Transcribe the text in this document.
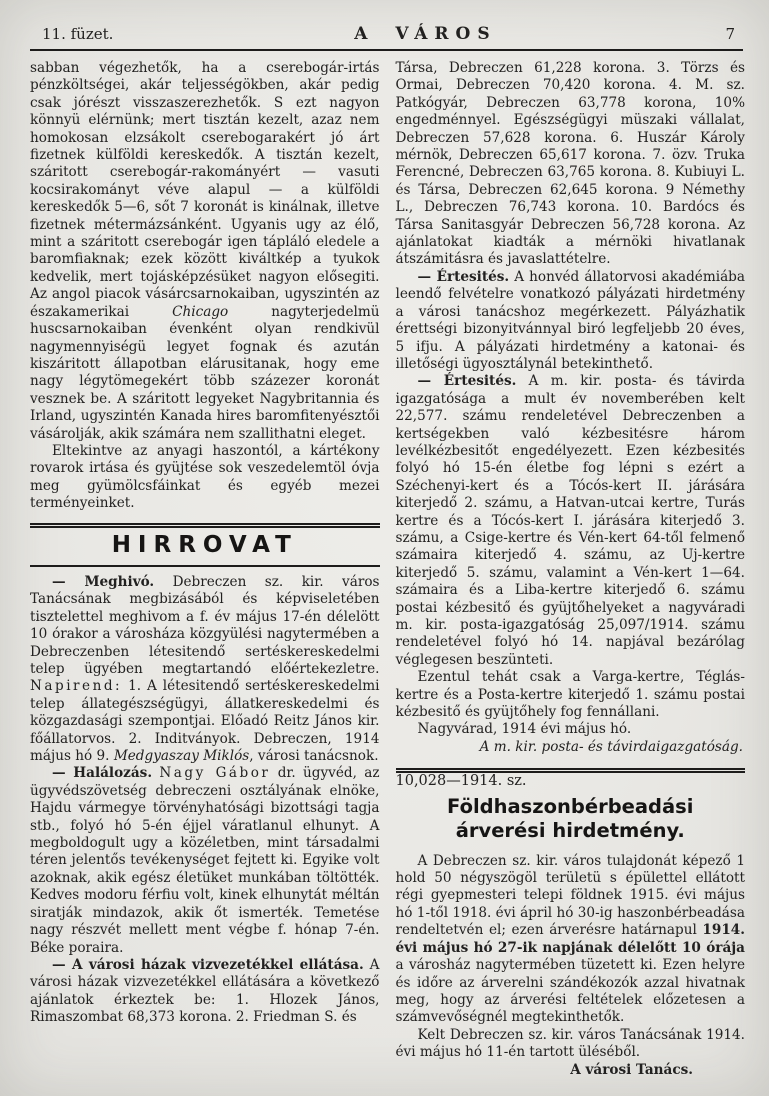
11. füzet.	A VÁROS	7

sabban végezhetők, ha a cserebogár-irtás pénzköltségei, akár teljességökben, akár pedig csak jórészt visszaszerezhetők. S ezt nagyon könnyü elérnünk; mert tisztán kezelt, azaz nem homokosan elzsákolt cserebogarakért jó árt fizetnek külföldi kereskedők. A tisztán kezelt, száritott cserebogár-rakományért — vasuti kocsirakományt véve alapul — a külföldi kereskedők 5—6, sőt 7 koronát is kinálnak, illetve fizetnek métermázsánként. Ugyanis ugy az élő, mint a száritott cserebogár igen tápláló eledele a baromfiaknak; ezek között kiváltkép a tyukok kedvelik, mert tojásképzésüket nagyon elősegiti. Az angol piacok vásárcsarnokaiban, ugyszintén az északamerikai Chicago nagyterjedelmü huscsarnokaiban évenként olyan rendkivül nagymennyiségü legyet fognak és azután kiszáritott állapotban elárusitanak, hogy eme nagy légytömegekért több százezer koronát vesznek be. A száritott legyeket Nagybritannia és Irland, ugyszintén Kanada hires baromfitenyésztői vásárolják, akik számára nem szallithatni eleget.

Eltekintve az anyagi haszontól, a kártékony rovarok irtása és gyüjtése sok veszedelemtöl óvja meg gyümölcsfáinkat és egyéb mezei terményeinket.

HIRROVAT

— Meghivó. Debreczen sz. kir. város Tanácsának megbizásából és képviseletében tisztelettel meghivom a f. év május 17-én délelött 10 órakor a városháza közgyülési nagytermében a Debreczenben létesitendő sertéskereskedelmi telep ügyében megtartandó előértekezletre. Napirend: 1. A létesitendő sertéskereskedelmi telep állategészségügyi, állatkereskedelmi és közgazdasági szempontjai. Előadó Reitz János kir. főállatorvos. 2. Inditványok. Debreczen, 1914 május hó 9. Medgyaszay Miklós, városi tanácsnok.

— Halálozás. Nagy Gábor dr. ügyvéd, az ügyvédszövetség debreczeni osztályának elnöke, Hajdu vármegye törvényhatósági bizottsági tagja stb., folyó hó 5-én éjjel váratlanul elhunyt. A megboldogult ugy a közéletben, mint társadalmi téren jelentős tevékenységet fejtett ki. Egyike volt azoknak, akik egész életüket munkában töltötték. Kedves modoru férfiu volt, kinek elhunytát méltán siratják mindazok, akik őt ismerték. Temetése nagy részvét mellett ment végbe f. hónap 7-én. Béke poraira.

— A városi házak vizvezetékkel ellátása. A városi házak vizvezetékkel ellátására a következő ajánlatok érkeztek be: 1. Hlozek János, Rimaszombat 68,373 korona. 2. Friedman S. és

Társa, Debreczen 61,228 korona. 3. Törzs és Ormai, Debreczen 70,420 korona. 4. M. sz. Patkógyár, Debreczen 63,778 korona, 10% engedménnyel. Egészségügyi müszaki vállalat, Debreczen 57,628 korona. 6. Huszár Károly mérnök, Debreczen 65,617 korona. 7. özv. Truka Ferencné, Debreczen 63,765 korona. 8. Kubiuyi L. és Társa, Debreczen 62,645 korona. 9 Némethy L., Debreczen 76,743 korona. 10. Bardócs és Társa Sanitasgyár Debreczen 56,728 korona. Az ajánlatokat kiadták a mérnöki hivatlanak átszámitásra és javaslattételre.

— Értesités. A honvéd állatorvosi akadémiába leendő felvételre vonatkozó pályázati hirdetmény a városi tanácshoz megérkezett. Pályázhatik érettségi bizonyitvánnyal biró legfeljebb 20 éves, 5 ifju. A pályázati hirdetmény a katonai- és illetőségi ügyosztálynál betekinthető.

— Értesités. A m. kir. posta- és távirda igazgatósága a mult év novemberében kelt 22,577. számu rendeletével Debreczenben a kertségekben való kézbesitésre három levélkézbesitőt engedélyezett. Ezen kézbesités folyó hó 15-én életbe fog lépni s ezért a Széchenyi-kert és a Tócós-kert II. járására kiterjedő 2. számu, a Hatvan-utcai kertre, Turás kertre és a Tócós-kert I. járására kiterjedő 3. számu, a Csige-kertre és Vén-kert 64-től felmenő számaira kiterjedő 4. számu, az Uj-kertre kiterjedő 5. számu, valamint a Vén-kert 1—64. számaira és a Liba-kertre kiterjedő 6. számu postai kézbesitő és gyüjtőhelyeket a nagyváradi m. kir. posta-igazgatóság 25,097/1914. számu rendeletével folyó hó 14. napjával bezárólag véglegesen beszünteti.

Ezentul tehát csak a Varga-kertre, Téglás-kertre és a Posta-kertre kiterjedő 1. számu postai kézbesitő és gyüjtőhely fog fennállani.

Nagyvárad, 1914 évi május hó.

A m. kir. posta- és távirdaigazgatóság.

10,028—1914. sz.

Földhaszonbérbeadási árverési hirdetmény.

A Debreczen sz. kir. város tulajdonát képező 1 hold 50 négyszögöl területü s épülettel ellátott régi gyepmesteri telepi földnek 1915. évi május hó 1-től 1918. évi ápril hó 30-ig haszonbérbeadása rendeltetvén el; ezen árverésre határnapul 1914. évi május hó 27-ik napjának délelőtt 10 órája a városház nagytermében tüzetett ki. Ezen helyre és időre az árverelni szándékozók azzal hivatnak meg, hogy az árverési feltételek előzetesen a számvevőségnél megtekinthetők.

Kelt Debreczen sz. kir. város Tanácsának 1914. évi május hó 11-én tartott üléséből.

A városi Tanács.
